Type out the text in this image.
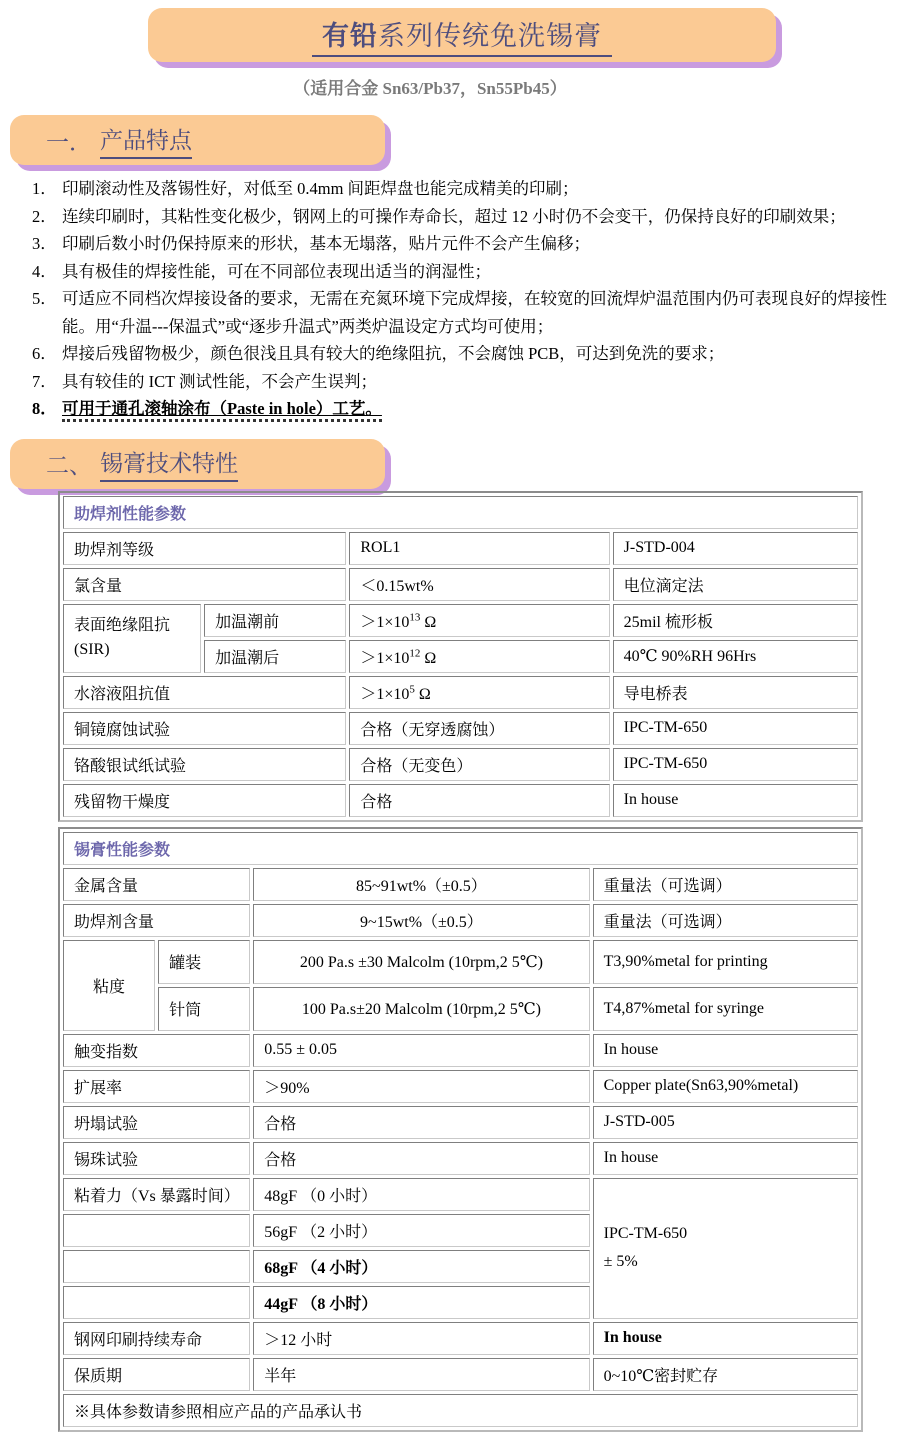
有铅系列传统免洗锡膏
（适用合金 Sn63/Pb37，Sn55Pb45）
一． 产品特点
1． 印刷滚动性及落锡性好，对低至 0.4mm 间距焊盘也能完成精美的印刷；
2． 连续印刷时，其粘性变化极少，钢网上的可操作寿命长，超过 12 小时仍不会变干，仍保持良好的印刷效果；
3． 印刷后数小时仍保持原来的形状，基本无塌落，贴片元件不会产生偏移；
4． 具有极佳的焊接性能，可在不同部位表现出适当的润湿性；
5． 可适应不同档次焊接设备的要求，无需在充氮环境下完成焊接，在较宽的回流焊炉温范围内仍可表现良好的焊接性能。用“升温---保温式”或“逐步升温式”两类炉温设定方式均可使用；
6． 焊接后残留物极少，颜色很浅且具有较大的绝缘阻抗，不会腐蚀 PCB，可达到免洗的要求；
7． 具有较佳的 ICT 测试性能，不会产生误判；
8． 可用于通孔滚轴涂布（Paste in hole）工艺。
二、 锡膏技术特性
助焊剂性能参数			
助焊剂等级		ROL1	J-STD-004
氯含量		＜0.15wt%	电位滴定法

表面绝缘阻抗
(SIR)	加温潮前	$>1\times 10^{13}$ Ω	25mil 梳形板
	加温潮后	$>1\times 10^{12}$ Ω	40℃ 90%RH 96Hrs
水溶液阻抗值		$>1\times 10^5$ Ω	导电桥表
铜镜腐蚀试验		合格（无穿透腐蚀）	IPC-TM-650
铬酸银试纸试验		合格（无变色）	IPC-TM-650
残留物干燥度		合格	In house
锡膏性能参数			
金属含量		85~91wt%（±0.5）	重量法（可选调）
助焊剂含量		9~15wt%（±0.5）	重量法（可选调）
粘度	罐装	200 Pa.s ±30 Malcolm (10rpm,2 5℃)	T3,90%metal for printing
	针筒	100 Pa.s±20 Malcolm (10rpm,2 5℃)	T4,87%metal for syringe
触变指数		0.55 ± 0.05	In house
扩展率		＞90%	Copper plate(Sn63,90%metal)
坍塌试验		合格	J-STD-005
锡珠试验		合格	In house
粘着力（Vs 暴露时间）		48gF （0 小时）	IPC-TM-650
± 5%

		56gF （2 小时）	
		68gF （4 小时）	
		44gF （8 小时）	
钢网印刷持续寿命		＞12 小时	In house
保质期		半年	0~10℃密封贮存
※具体参数请参照相应产品的产品承认书			
